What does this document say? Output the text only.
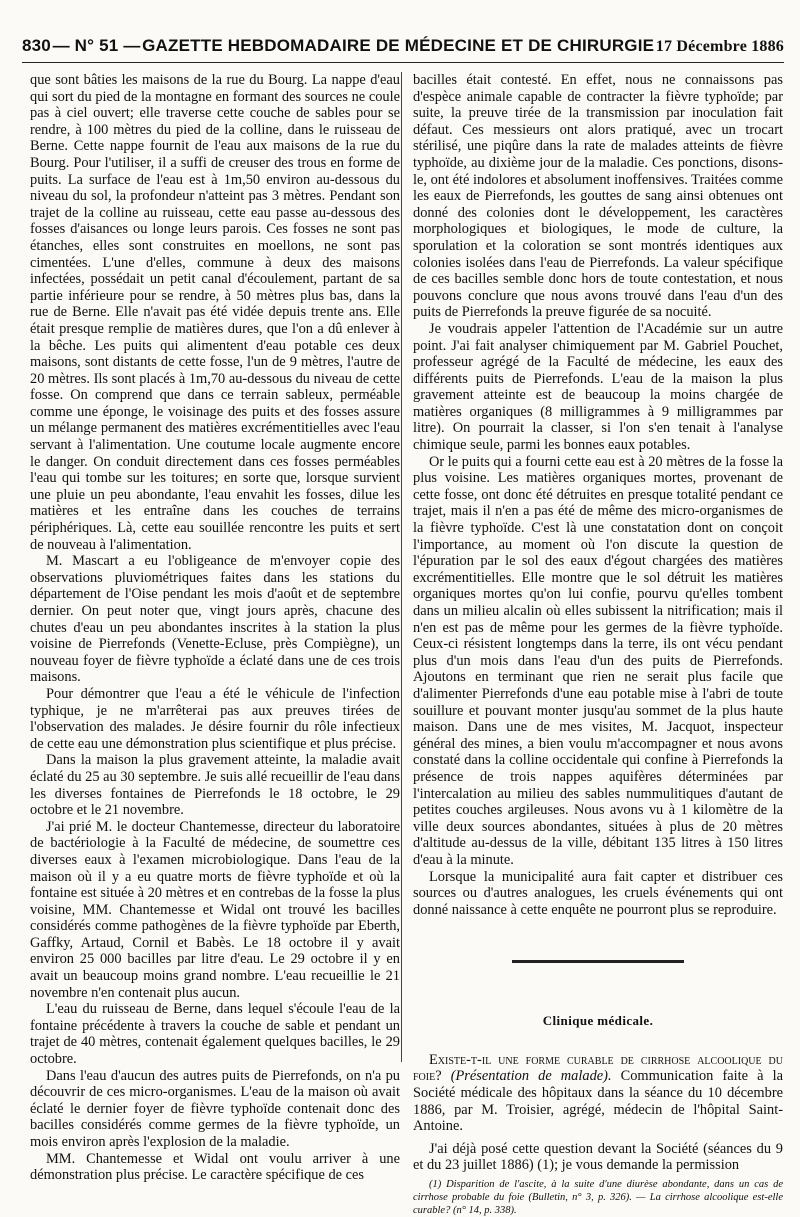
830 — N° 51 — GAZETTE HEBDOMADAIRE DE MÉDECINE ET DE CHIRURGIE 17 Décembre 1886

que sont bâties les maisons de la rue du Bourg. La nappe d'eau qui sort du pied de la montagne en formant des sources ne coule pas à ciel ouvert; elle traverse cette couche de sables pour se rendre, à 100 mètres du pied de la colline, dans le ruisseau de Berne. Cette nappe fournit de l'eau aux maisons de la rue du Bourg. Pour l'utiliser, il a suffi de creuser des trous en forme de puits. La surface de l'eau est à 1m,50 environ au-dessous du niveau du sol, la profondeur n'atteint pas 3 mètres. Pendant son trajet de la colline au ruisseau, cette eau passe au-dessous des fosses d'aisances ou longe leurs parois. Ces fosses ne sont pas étanches, elles sont construites en moellons, ne sont pas cimentées. L'une d'elles, commune à deux des maisons infectées, possédait un petit canal d'écoulement, partant de sa partie inférieure pour se rendre, à 50 mètres plus bas, dans la rue de Berne. Elle n'avait pas été vidée depuis trente ans. Elle était presque remplie de matières dures, que l'on a dû enlever à la bêche. Les puits qui alimentent d'eau potable ces deux maisons, sont distants de cette fosse, l'un de 9 mètres, l'autre de 20 mètres. Ils sont placés à 1m,70 au-dessous du niveau de cette fosse. On comprend que dans ce terrain sableux, perméable comme une éponge, le voisinage des puits et des fosses assure un mélange permanent des matières excrémentitielles avec l'eau servant à l'alimentation. Une coutume locale augmente encore le danger. On conduit directement dans ces fosses perméables l'eau qui tombe sur les toitures; en sorte que, lorsque survient une pluie un peu abondante, l'eau envahit les fosses, dilue les matières et les entraîne dans les couches de terrains périphériques. Là, cette eau souillée rencontre les puits et sert de nouveau à l'alimentation.

M. Mascart a eu l'obligeance de m'envoyer copie des observations pluviométriques faites dans les stations du département de l'Oise pendant les mois d'août et de septembre dernier. On peut noter que, vingt jours après, chacune des chutes d'eau un peu abondantes inscrites à la station la plus voisine de Pierrefonds (Venette-Ecluse, près Compiègne), un nouveau foyer de fièvre typhoïde a éclaté dans une de ces trois maisons.

Pour démontrer que l'eau a été le véhicule de l'infection typhique, je ne m'arrêterai pas aux preuves tirées de l'observation des malades. Je désire fournir du rôle infectieux de cette eau une démonstration plus scientifique et plus précise.

Dans la maison la plus gravement atteinte, la maladie avait éclaté du 25 au 30 septembre. Je suis allé recueillir de l'eau dans les diverses fontaines de Pierrefonds le 18 octobre, le 29 octobre et le 21 novembre.

J'ai prié M. le docteur Chantemesse, directeur du laboratoire de bactériologie à la Faculté de médecine, de soumettre ces diverses eaux à l'examen microbiologique. Dans l'eau de la maison où il y a eu quatre morts de fièvre typhoïde et où la fontaine est située à 20 mètres et en contrebas de la fosse la plus voisine, MM. Chantemesse et Widal ont trouvé les bacilles considérés comme pathogènes de la fièvre typhoïde par Eberth, Gaffky, Artaud, Cornil et Babès. Le 18 octobre il y avait environ 25 000 bacilles par litre d'eau. Le 29 octobre il y en avait un beaucoup moins grand nombre. L'eau recueillie le 21 novembre n'en contenait plus aucun.

L'eau du ruisseau de Berne, dans lequel s'écoule l'eau de la fontaine précédente à travers la couche de sable et pendant un trajet de 40 mètres, contenait également quelques bacilles, le 29 octobre.

Dans l'eau d'aucun des autres puits de Pierrefonds, on n'a pu découvrir de ces micro-organismes. L'eau de la maison où avait éclaté le dernier foyer de fièvre typhoïde contenait donc des bacilles considérés comme germes de la fièvre typhoïde, un mois environ après l'explosion de la maladie.

MM. Chantemesse et Widal ont voulu arriver à une démonstration plus précise. Le caractère spécifique de ces

bacilles était contesté. En effet, nous ne connaissons pas d'espèce animale capable de contracter la fièvre typhoïde; par suite, la preuve tirée de la transmission par inoculation fait défaut. Ces messieurs ont alors pratiqué, avec un trocart stérilisé, une piqûre dans la rate de malades atteints de fièvre typhoïde, au dixième jour de la maladie. Ces ponctions, disons-le, ont été indolores et absolument inoffensives. Traitées comme les eaux de Pierrefonds, les gouttes de sang ainsi obtenues ont donné des colonies dont le développement, les caractères morphologiques et biologiques, le mode de culture, la sporulation et la coloration se sont montrés identiques aux colonies isolées dans l'eau de Pierrefonds. La valeur spécifique de ces bacilles semble donc hors de toute contestation, et nous pouvons conclure que nous avons trouvé dans l'eau d'un des puits de Pierrefonds la preuve figurée de sa nocuité.

Je voudrais appeler l'attention de l'Académie sur un autre point. J'ai fait analyser chimiquement par M. Gabriel Pouchet, professeur agrégé de la Faculté de médecine, les eaux des différents puits de Pierrefonds. L'eau de la maison la plus gravement atteinte est de beaucoup la moins chargée de matières organiques (8 milligrammes à 9 milligrammes par litre). On pourrait la classer, si l'on s'en tenait à l'analyse chimique seule, parmi les bonnes eaux potables.

Or le puits qui a fourni cette eau est à 20 mètres de la fosse la plus voisine. Les matières organiques mortes, provenant de cette fosse, ont donc été détruites en presque totalité pendant ce trajet, mais il n'en a pas été de même des micro-organismes de la fièvre typhoïde. C'est là une constatation dont on conçoit l'importance, au moment où l'on discute la question de l'épuration par le sol des eaux d'égout chargées des matières excrémentitielles. Elle montre que le sol détruit les matières organiques mortes qu'on lui confie, pourvu qu'elles tombent dans un milieu alcalin où elles subissent la nitrification; mais il n'en est pas de même pour les germes de la fièvre typhoïde. Ceux-ci résistent longtemps dans la terre, ils ont vécu pendant plus d'un mois dans l'eau d'un des puits de Pierrefonds. Ajoutons en terminant que rien ne serait plus facile que d'alimenter Pierrefonds d'une eau potable mise à l'abri de toute souillure et pouvant monter jusqu'au sommet de la plus haute maison. Dans une de mes visites, M. Jacquot, inspecteur général des mines, a bien voulu m'accompagner et nous avons constaté dans la colline occidentale qui confine à Pierrefonds la présence de trois nappes aquifères déterminées par l'intercalation au milieu des sables nummulitiques d'autant de petites couches argileuses. Nous avons vu à 1 kilomètre de la ville deux sources abondantes, situées à plus de 20 mètres d'altitude au-dessus de la ville, débitant 135 litres à 150 litres d'eau à la minute.

Lorsque la municipalité aura fait capter et distribuer ces sources ou d'autres analogues, les cruels événements qui ont donné naissance à cette enquête ne pourront plus se reproduire.

Clinique médicale.

Existe-t-il une forme curable de cirrhose alcoolique du foie? (Présentation de malade). Communication faite à la Société médicale des hôpitaux dans la séance du 10 décembre 1886, par M. Troisier, agrégé, médecin de l'hôpital Saint-Antoine.

J'ai déjà posé cette question devant la Société (séances du 9 et du 23 juillet 1886) (1); je vous demande la permission

(1) Disparition de l'ascite, à la suite d'une diurèse abondante, dans un cas de cirrhose probable du foie (Bulletin, n° 3, p. 326). — La cirrhose alcoolique est-elle curable? (n° 14, p. 338).
